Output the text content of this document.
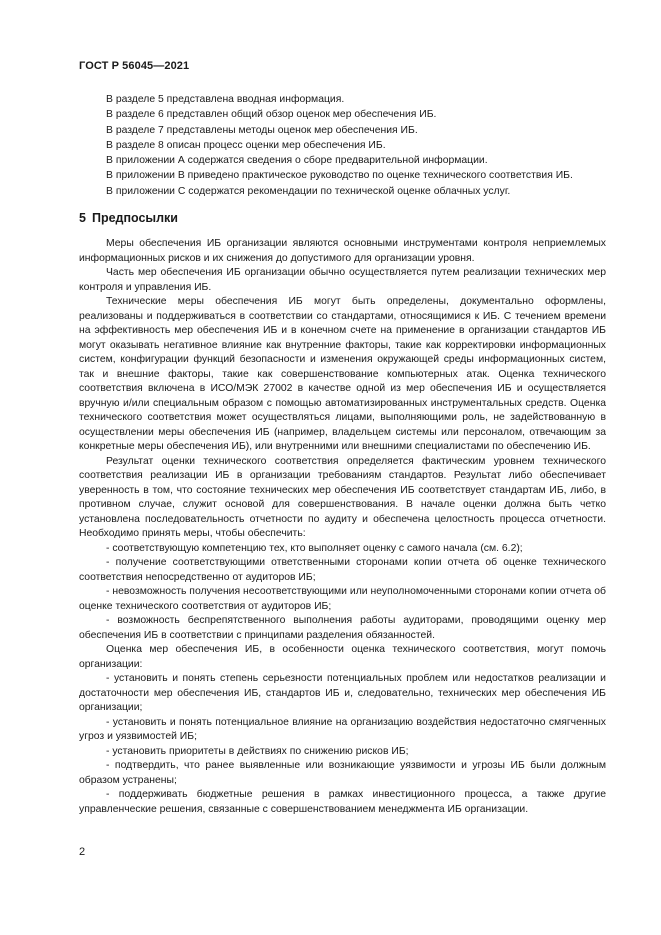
ГОСТ Р 56045—2021

В разделе 5 представлена вводная информация.

В разделе 6 представлен общий обзор оценок мер обеспечения ИБ.

В разделе 7 представлены методы оценок мер обеспечения ИБ.

В разделе 8 описан процесс оценки мер обеспечения ИБ.

В приложении А содержатся сведения о сборе предварительной информации.

В приложении В приведено практическое руководство по оценке технического соответствия ИБ.

В приложении С содержатся рекомендации по технической оценке облачных услуг.

5 Предпосылки

Меры обеспечения ИБ организации являются основными инструментами контроля неприемлемых информационных рисков и их снижения до допустимого для организации уровня.

Часть мер обеспечения ИБ организации обычно осуществляется путем реализации технических мер контроля и управления ИБ.

Технические меры обеспечения ИБ могут быть определены, документально оформлены, реализованы и поддерживаться в соответствии со стандартами, относящимися к ИБ. С течением времени на эффективность мер обеспечения ИБ и в конечном счете на применение в организации стандартов ИБ могут оказывать негативное влияние как внутренние факторы, такие как корректировки информационных систем, конфигурации функций безопасности и изменения окружающей среды информационных систем, так и внешние факторы, такие как совершенствование компьютерных атак. Оценка технического соответствия включена в ИСО/МЭК 27002 в качестве одной из мер обеспечения ИБ и осуществляется вручную и/или специальным образом с помощью автоматизированных инструментальных средств. Оценка технического соответствия может осуществляться лицами, выполняющими роль, не задействованную в осуществлении меры обеспечения ИБ (например, владельцем системы или персоналом, отвечающим за конкретные меры обеспечения ИБ), или внутренними или внешними специалистами по обеспечению ИБ.

Результат оценки технического соответствия определяется фактическим уровнем технического соответствия реализации ИБ в организации требованиям стандартов. Результат либо обеспечивает уверенность в том, что состояние технических мер обеспечения ИБ соответствует стандартам ИБ, либо, в противном случае, служит основой для совершенствования. В начале оценки должна быть четко установлена последовательность отчетности по аудиту и обеспечена целостность процесса отчетности. Необходимо принять меры, чтобы обеспечить:

- соответствующую компетенцию тех, кто выполняет оценку с самого начала (см. 6.2);

- получение соответствующими ответственными сторонами копии отчета об оценке технического соответствия непосредственно от аудиторов ИБ;

- невозможность получения несоответствующими или неуполномоченными сторонами копии отчета об оценке технического соответствия от аудиторов ИБ;

- возможность беспрепятственного выполнения работы аудиторами, проводящими оценку мер обеспечения ИБ в соответствии с принципами разделения обязанностей.

Оценка мер обеспечения ИБ, в особенности оценка технического соответствия, могут помочь организации:

- установить и понять степень серьезности потенциальных проблем или недостатков реализации и достаточности мер обеспечения ИБ, стандартов ИБ и, следовательно, технических мер обеспечения ИБ организации;

- установить и понять потенциальное влияние на организацию воздействия недостаточно смягченных угроз и уязвимостей ИБ;

- установить приоритеты в действиях по снижению рисков ИБ;

- подтвердить, что ранее выявленные или возникающие уязвимости и угрозы ИБ были должным образом устранены;

- поддерживать бюджетные решения в рамках инвестиционного процесса, а также другие управленческие решения, связанные с совершенствованием менеджмента ИБ организации.

2
